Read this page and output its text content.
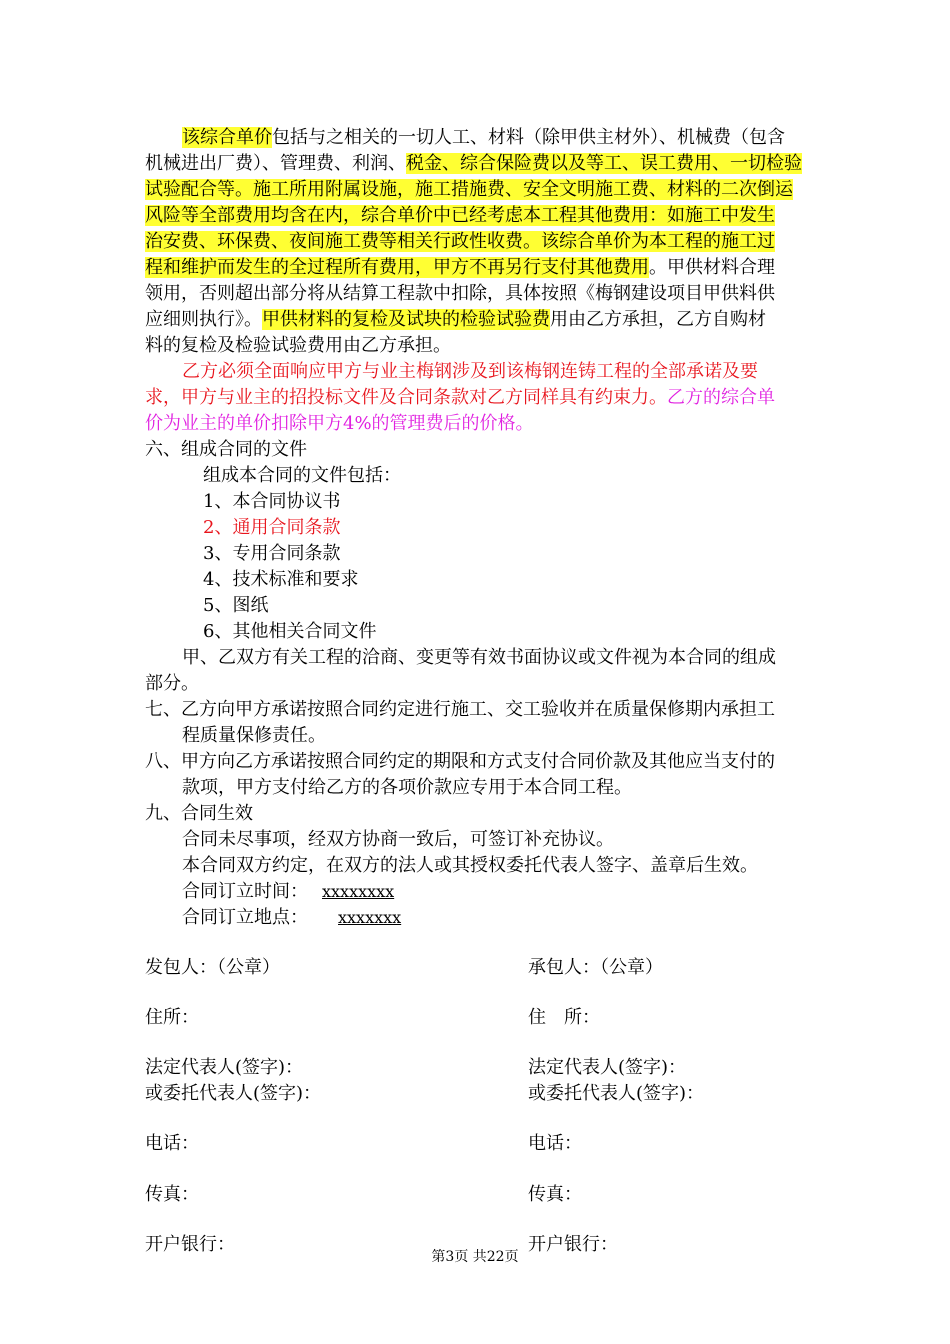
该综合单价包括与之相关的一切人工、材料（除甲供主材外）、机械费（包含
机械进出厂费）、管理费、利润、税金、综合保险费以及等工、误工费用、一切检验
试验配合等。施工所用附属设施，施工措施费、安全文明施工费、材料的二次倒运
风险等全部费用均含在内，综合单价中已经考虑本工程其他费用：如施工中发生
治安费、环保费、夜间施工费等相关行政性收费。该综合单价为本工程的施工过
程和维护而发生的全过程所有费用，甲方不再另行支付其他费用。甲供材料合理
领用，否则超出部分将从结算工程款中扣除，具体按照《梅钢建设项目甲供料供
应细则执行》。甲供材料的复检及试块的检验试验费用由乙方承担，乙方自购材
料的复检及检验试验费用由乙方承担。
乙方必须全面响应甲方与业主梅钢涉及到该梅钢连铸工程的全部承诺及要
求，甲方与业主的招投标文件及合同条款对乙方同样具有约束力。乙方的综合单
价为业主的单价扣除甲方4%的管理费后的价格。
六、组成合同的文件
组成本合同的文件包括：
1、本合同协议书
2、通用合同条款
3、专用合同条款
4、技术标准和要求
5、图纸
6、其他相关合同文件
甲、乙双方有关工程的洽商、变更等有效书面协议或文件视为本合同的组成
部分。
七、乙方向甲方承诺按照合同约定进行施工、交工验收并在质量保修期内承担工
程质量保修责任。
八、甲方向乙方承诺按照合同约定的期限和方式支付合同价款及其他应当支付的
款项，甲方支付给乙方的各项价款应专用于本合同工程。
九、合同生效
合同未尽事项，经双方协商一致后，可签订补充协议。
本合同双方约定，在双方的法人或其授权委托代表人签字、盖章后生效。
合同订立时间： xxxxxxxx
合同订立地点： xxxxxxx
发包人：（公章）
住所：
法定代表人(签字)：
或委托代表人(签字)：
电话：
传真：
开户银行：
承包人：（公章）
住　所：
法定代表人(签字)：
或委托代表人(签字)：
电话：
传真：
开户银行：
第3页 共22页
